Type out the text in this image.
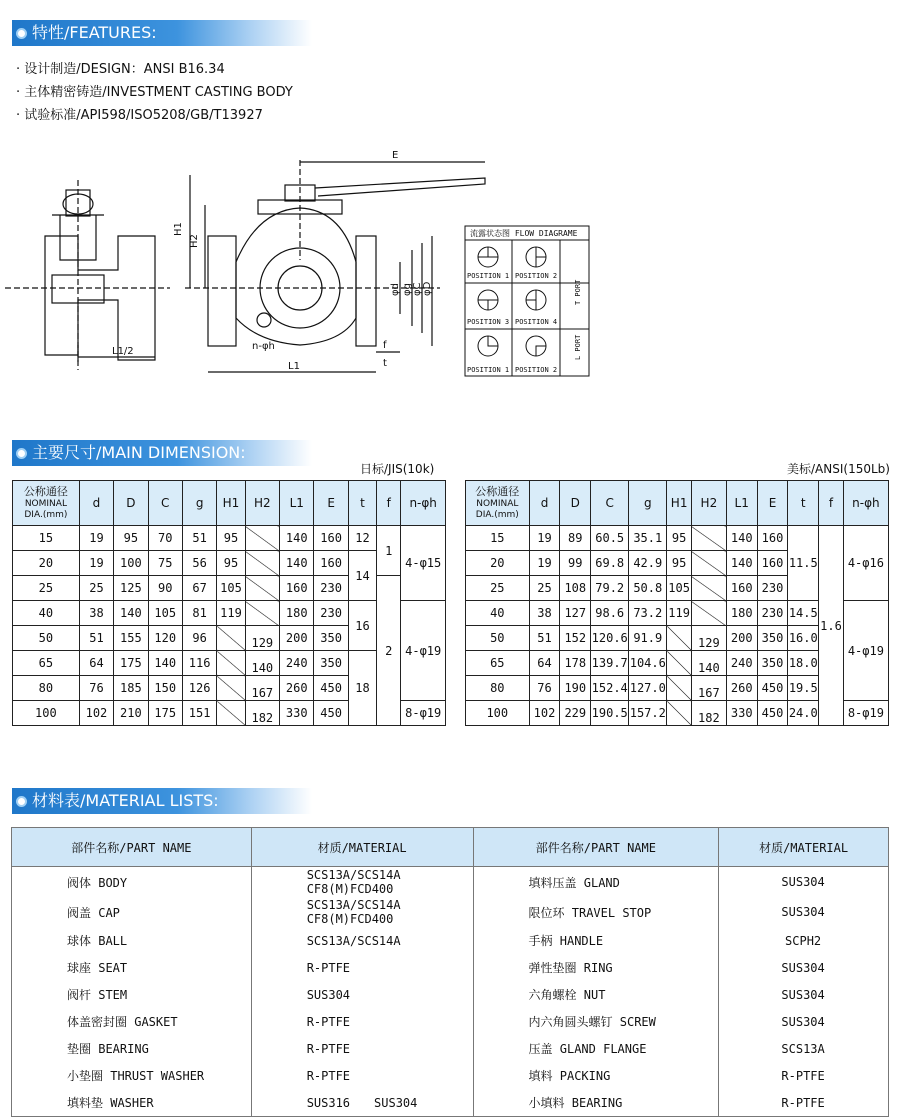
特性/FEATURES:
· 设计制造/DESIGN：ANSI B16.34
· 主体精密铸造/INVESTMENT CASTING BODY
· 试验标准/API598/ISO5208/GB/T13927
E
H1
H2
L1/2
L1
φd φg φC φD
f
t
n-φh
流露状态图 FLOW DIAGRAME
POSITION 1 POSITION 2
POSITION 3 POSITION 4
POSITION 1 POSITION 2
T PORT
L PORT
主要尺寸/MAIN DIMENSION:
日标/JIS(10k)	美标/ANSI(150Lb)
公称通径
NOMINAL
DIA.(mm)	d	D	C	g	H1	H2	L1	E	t	f	n-φh
15	19	95	70	51	95		140	160	12	1	4-φ15
20	19	100	75	56	95		140	160	14		
25	25	125	90	67	105		160	230		2	
40	38	140	105	81	119		180	230	16		4-φ19
50	51	155	120	96		129	200	350			
65	64	175	140	116		140	240	350	18		
80	76	185	150	126		167	260	450			
100	102	210	175	151		182	330	450			8-φ19
公称通径
NOMINAL
DIA.(mm)	d	D	C	g	H1	H2	L1	E	t	f	n-φh
15	19	89	60.5	35.1	95		140	160	11.5	1.6	4-φ16
20	19	99	69.8	42.9	95		140	160			
25	25	108	79.2	50.8	105		160	230			
40	38	127	98.6	73.2	119		180	230	14.5		4-φ19
50	51	152	120.6	91.9		129	200	350	16.0		
65	64	178	139.7	104.6		140	240	350	18.0		
80	76	190	152.4	127.0		167	260	450	19.5		
100	102	229	190.5	157.2		182	330	450	24.0		8-φ19
材料表/MATERIAL LISTS:
部件名称/PART NAME	材质/MATERIAL	部件名称/PART NAME	材质/MATERIAL
阀体 BODY	SCS13A/SCS14A CF8(M)FCD400	填料压盖 GLAND	SUS304
阀盖 CAP	SCS13A/SCS14A CF8(M)FCD400	限位环 TRAVEL STOP	SUS304
球体 BALL	SCS13A/SCS14A	手柄 HANDLE	SCPH2
球座 SEAT	R-PTFE	弹性垫圈 RING	SUS304
阀杆 STEM	SUS304	六角螺栓 NUT	SUS304
体盖密封圈 GASKET	R-PTFE	内六角圆头螺钉 SCREW	SUS304
垫圈 BEARING	R-PTFE	压盖 GLAND FLANGE	SCS13A
小垫圈 THRUST WASHER	R-PTFE	填料 PACKING	R-PTFE
填料垫 WASHER	SUS316　　SUS304	小填料 BEARING	R-PTFE
